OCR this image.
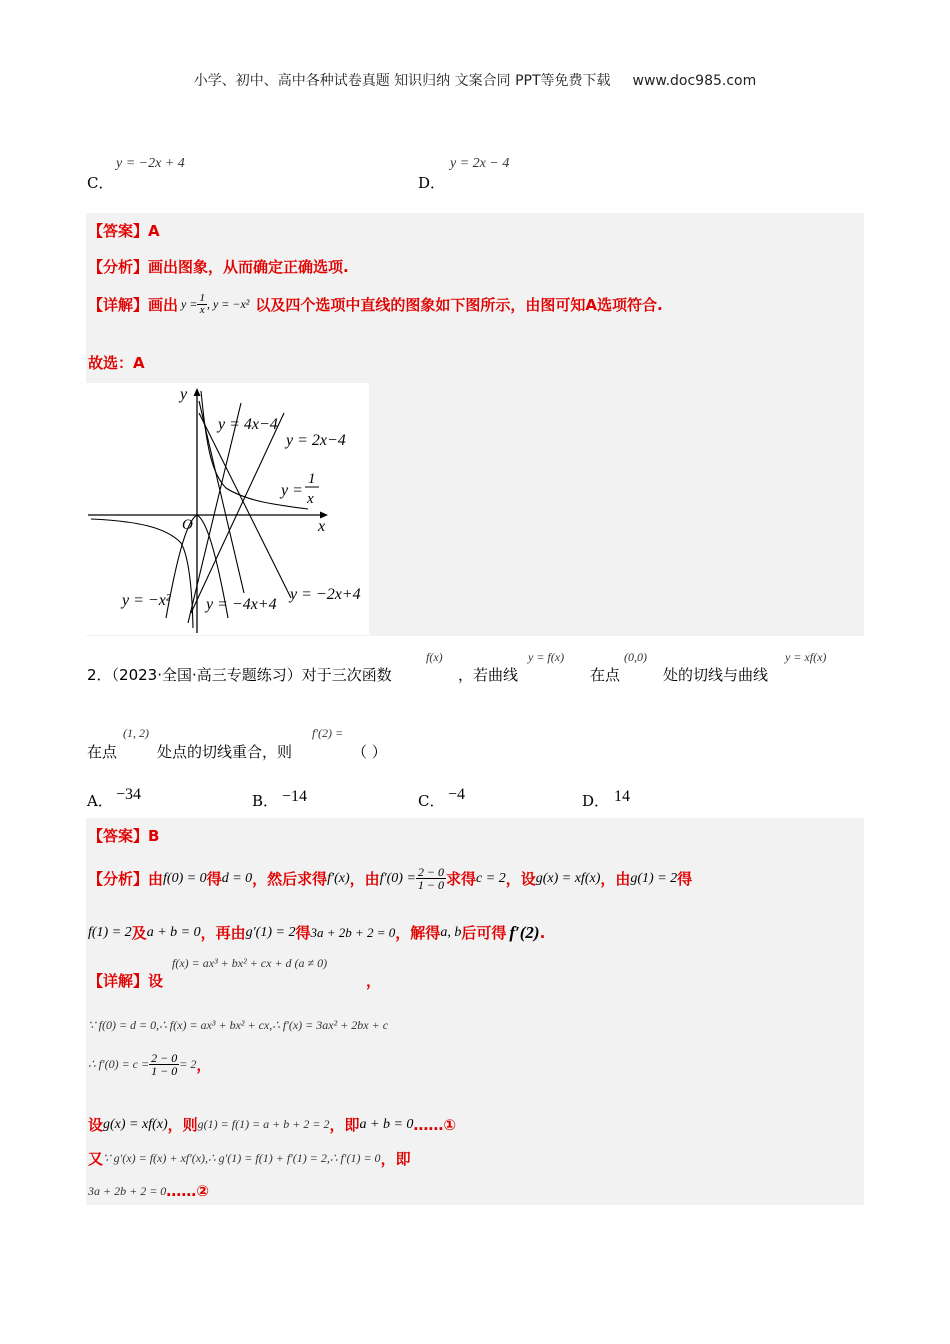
小学、初中、高中各种试卷真题 知识归纳 文案合同 PPT等免费下载 www.doc985.com
C．
y = −2x + 4
D．
y = 2x − 4
【答案】A
【分析】画出图象，从而确定正确选项.
【详解】画出 $y = \frac{1}{x}$ , y = −x² 以及四个选项中直线的图象如下图所示，由图可知A选项符合.
故选：A
y
x
O
y = 4x−4
y = 2x−4
y =
1
x
y = −x² y = −4x+4
y = −2x+4
2．（2023·全国·高三专题练习）对于三次函数
f(x)
，若曲线
y = f(x)
在点
(0,0)
处的切线与曲线
y = xf(x)
在点
(1, 2)
处点的切线重合，则
f′(2) =
（ ）
A． −34	B． −14	C． −4	D． 14
【答案】B
【分析】由 f(0) = 0 得 d = 0 ，然后求得 f′(x) ，由 $f'(0) = \frac{2 - 0}{1 - 0}$ 求得 c = 2 ，设 g(x) = xf(x) ，由 g(1) = 2 得
f(1) = 2 及 a + b = 0 ，再由 g′(1) = 2 得 3a + 2b + 2 = 0 ，解得 a, b 后可得 f′(2) .
【详解】设
f(x) = ax³ + bx² + cx + d (a ≠ 0)
，
∵ f(0) = d = 0,∴ f(x) = ax³ + bx² + cx,∴ f′(x) = 3ax² + 2bx + c
∴ $f'(0) = c = \frac{2 - 0}{1 - 0} = 2$ ，
设 g(x) = xf(x) ，则 g(1) = f(1) = a + b + 2 = 2 ，即 a + b = 0 ……①
又 ∵ g′(x) = f(x) + xf′(x),∴ g′(1) = f(1) + f′(1) = 2,∴ f′(1) = 0 ，即
3a + 2b + 2 = 0 ……②
